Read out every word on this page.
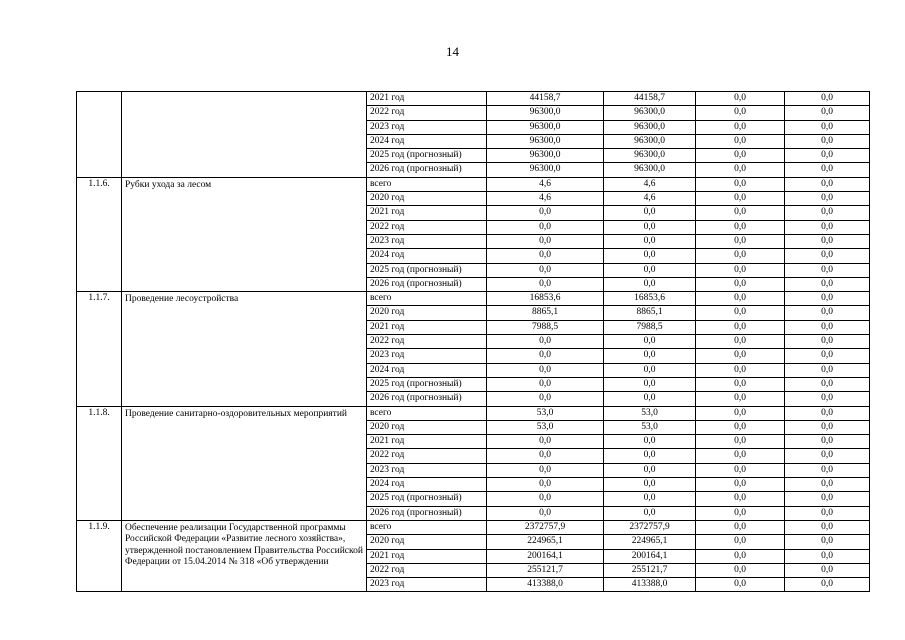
14
		2021 год	44158,7	44158,7	0,0	0,0
		2022 год	96300,0	96300,0	0,0	0,0
		2023 год	96300,0	96300,0	0,0	0,0
		2024 год	96300,0	96300,0	0,0	0,0
		2025 год (прогнозный)	96300,0	96300,0	0,0	0,0
		2026 год (прогнозный)	96300,0	96300,0	0,0	0,0
1.1.6.	Рубки ухода за лесом	всего	4,6	4,6	0,0	0,0
		2020 год	4,6	4,6	0,0	0,0
		2021 год	0,0	0,0	0,0	0,0
		2022 год	0,0	0,0	0,0	0,0
		2023 год	0,0	0,0	0,0	0,0
		2024 год	0,0	0,0	0,0	0,0
		2025 год (прогнозный)	0,0	0,0	0,0	0,0
		2026 год (прогнозный)	0,0	0,0	0,0	0,0
1.1.7.	Проведение лесоустройства	всего	16853,6	16853,6	0,0	0,0
		2020 год	8865,1	8865,1	0,0	0,0
		2021 год	7988,5	7988,5	0,0	0,0
		2022 год	0,0	0,0	0,0	0,0
		2023 год	0,0	0,0	0,0	0,0
		2024 год	0,0	0,0	0,0	0,0
		2025 год (прогнозный)	0,0	0,0	0,0	0,0
		2026 год (прогнозный)	0,0	0,0	0,0	0,0
1.1.8.	Проведение санитарно-оздоровительных мероприятий	всего	53,0	53,0	0,0	0,0
		2020 год	53,0	53,0	0,0	0,0
		2021 год	0,0	0,0	0,0	0,0
		2022 год	0,0	0,0	0,0	0,0
		2023 год	0,0	0,0	0,0	0,0
		2024 год	0,0	0,0	0,0	0,0
		2025 год (прогнозный)	0,0	0,0	0,0	0,0
		2026 год (прогнозный)	0,0	0,0	0,0	0,0
1.1.9.	Обеспечение реализации Государственной программы Российской Федерации «Развитие лесного хозяйства», утвержденной постановлением Правительства Российской Федерации от 15.04.2014 № 318 «Об утверждении	всего	2372757,9	2372757,9	0,0	0,0
		2020 год	224965,1	224965,1	0,0	0,0
		2021 год	200164,1	200164,1	0,0	0,0
		2022 год	255121,7	255121,7	0,0	0,0
		2023 год	413388,0	413388,0	0,0	0,0
